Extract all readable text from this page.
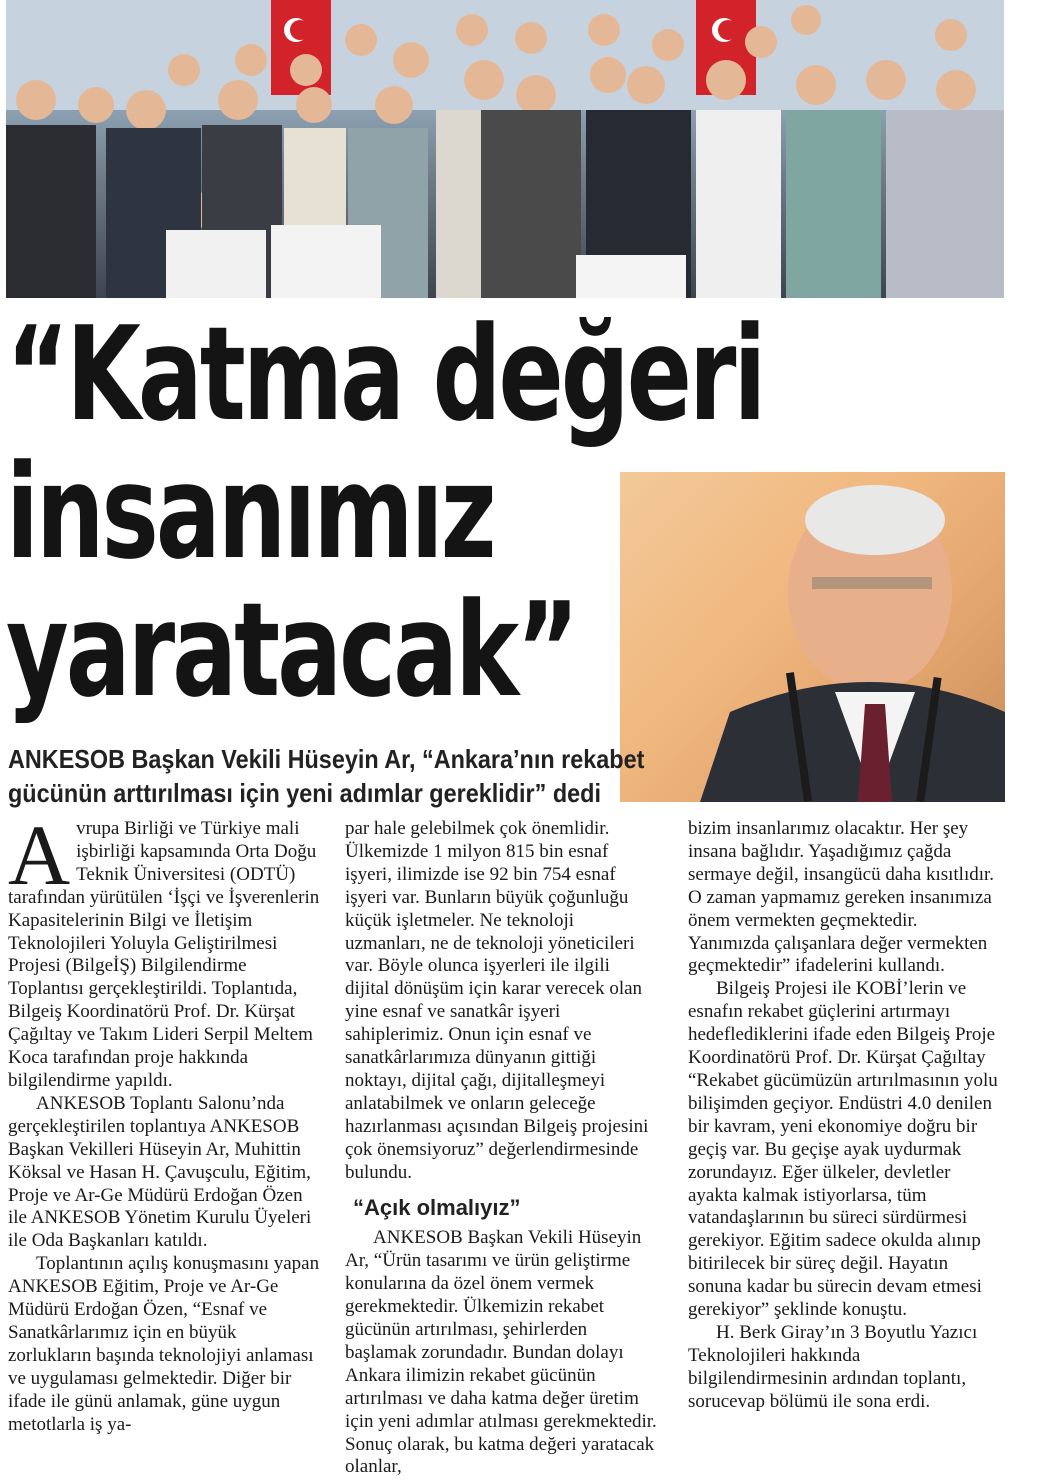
“Katma değeri
insanımız
yaratacak”
ANKESOB Başkan Vekili Hüseyin Ar, “Ankara’nın rekabet
gücünün arttırılması için yeni adımlar gereklidir” dedi

Avrupa Birliği ve Türkiye mali işbirliği kapsamında Orta Doğu Teknik Üniversitesi (ODTÜ) tarafından yürütülen ‘İşçi ve İşverenlerin Kapasitelerinin Bilgi ve İletişim Teknolojileri Yoluyla Geliştirilmesi Projesi (BilgeİŞ) Bilgilendirme Toplantısı gerçekleştirildi. Toplantıda, Bilgeiş Koordinatörü Prof. Dr. Kürşat Çağıltay ve Takım Lideri Serpil Meltem Koca tarafından proje hakkında bilgilendirme yapıldı.

ANKESOB Toplantı Salonu’nda gerçekleştirilen toplantıya ANKESOB Başkan Vekilleri Hüseyin Ar, Muhittin Köksal ve Hasan H. Çavuşculu, Eğitim, Proje ve Ar-Ge Müdürü Erdoğan Özen ile ANKESOB Yönetim Kurulu Üyeleri ile Oda Başkanları katıldı.

Toplantının açılış konuşmasını yapan ANKESOB Eğitim, Proje ve Ar-Ge Müdürü Erdoğan Özen, “Esnaf ve Sanatkârlarımız için en büyük zorlukların başında teknolojiyi anlaması ve uygulaması gelmektedir. Diğer bir ifade ile günü anlamak, güne uygun metotlarla iş ya-

par hale gelebilmek çok önemlidir. Ülkemizde 1 milyon 815 bin esnaf işyeri, ilimizde ise 92 bin 754 esnaf işyeri var. Bunların büyük çoğunluğu küçük işletmeler. Ne teknoloji uzmanları, ne de teknoloji yöneticileri var. Böyle olunca işyerleri ile ilgili dijital dönüşüm için karar verecek olan yine esnaf ve sanatkâr işyeri sahiplerimiz. Onun için esnaf ve sanatkârlarımıza dünyanın gittiği noktayı, dijital çağı, dijitalleşmeyi anlatabilmek ve onların geleceğe hazırlanması açısından Bilgeiş projesini çok önemsiyoruz” değerlendirmesinde bulundu.

“Açık olmalıyız”

ANKESOB Başkan Vekili Hüseyin Ar, “Ürün tasarımı ve ürün geliştirme konularına da özel önem vermek gerekmektedir. Ülkemizin rekabet gücünün artırılması, şehirlerden başlamak zorundadır. Bundan dolayı Ankara ilimizin rekabet gücünün artırılması ve daha katma değer üretim için yeni adımlar atılması gerekmektedir. Sonuç olarak, bu katma değeri yaratacak olanlar,

bizim insanlarımız olacaktır. Her şey insana bağlıdır. Yaşadığımız çağda sermaye değil, insangücü daha kısıtlıdır. O zaman yapmamız gereken insanımıza önem vermekten geçmektedir. Yanımızda çalışanlara değer vermekten geçmektedir” ifadelerini kullandı.

Bilgeiş Projesi ile KOBİ’lerin ve esnafın rekabet güçlerini artırmayı hedeflediklerini ifade eden Bilgeiş Proje Koordinatörü Prof. Dr. Kürşat Çağıltay “Rekabet gücümüzün artırılmasının yolu bilişimden geçiyor. Endüstri 4.0 denilen bir kavram, yeni ekonomiye doğru bir geçiş var. Bu geçişe ayak uydurmak zorundayız. Eğer ülkeler, devletler ayakta kalmak istiyorlarsa, tüm vatandaşlarının bu süreci sürdürmesi gerekiyor. Eğitim sadece okulda alınıp bitirilecek bir süreç değil. Hayatın sonuna kadar bu sürecin devam etmesi gerekiyor” şeklinde konuştu.

H. Berk Giray’ın 3 Boyutlu Yazıcı Teknolojileri hakkında bilgilendirmesinin ardından toplantı, sorucevap bölümü ile sona erdi.
